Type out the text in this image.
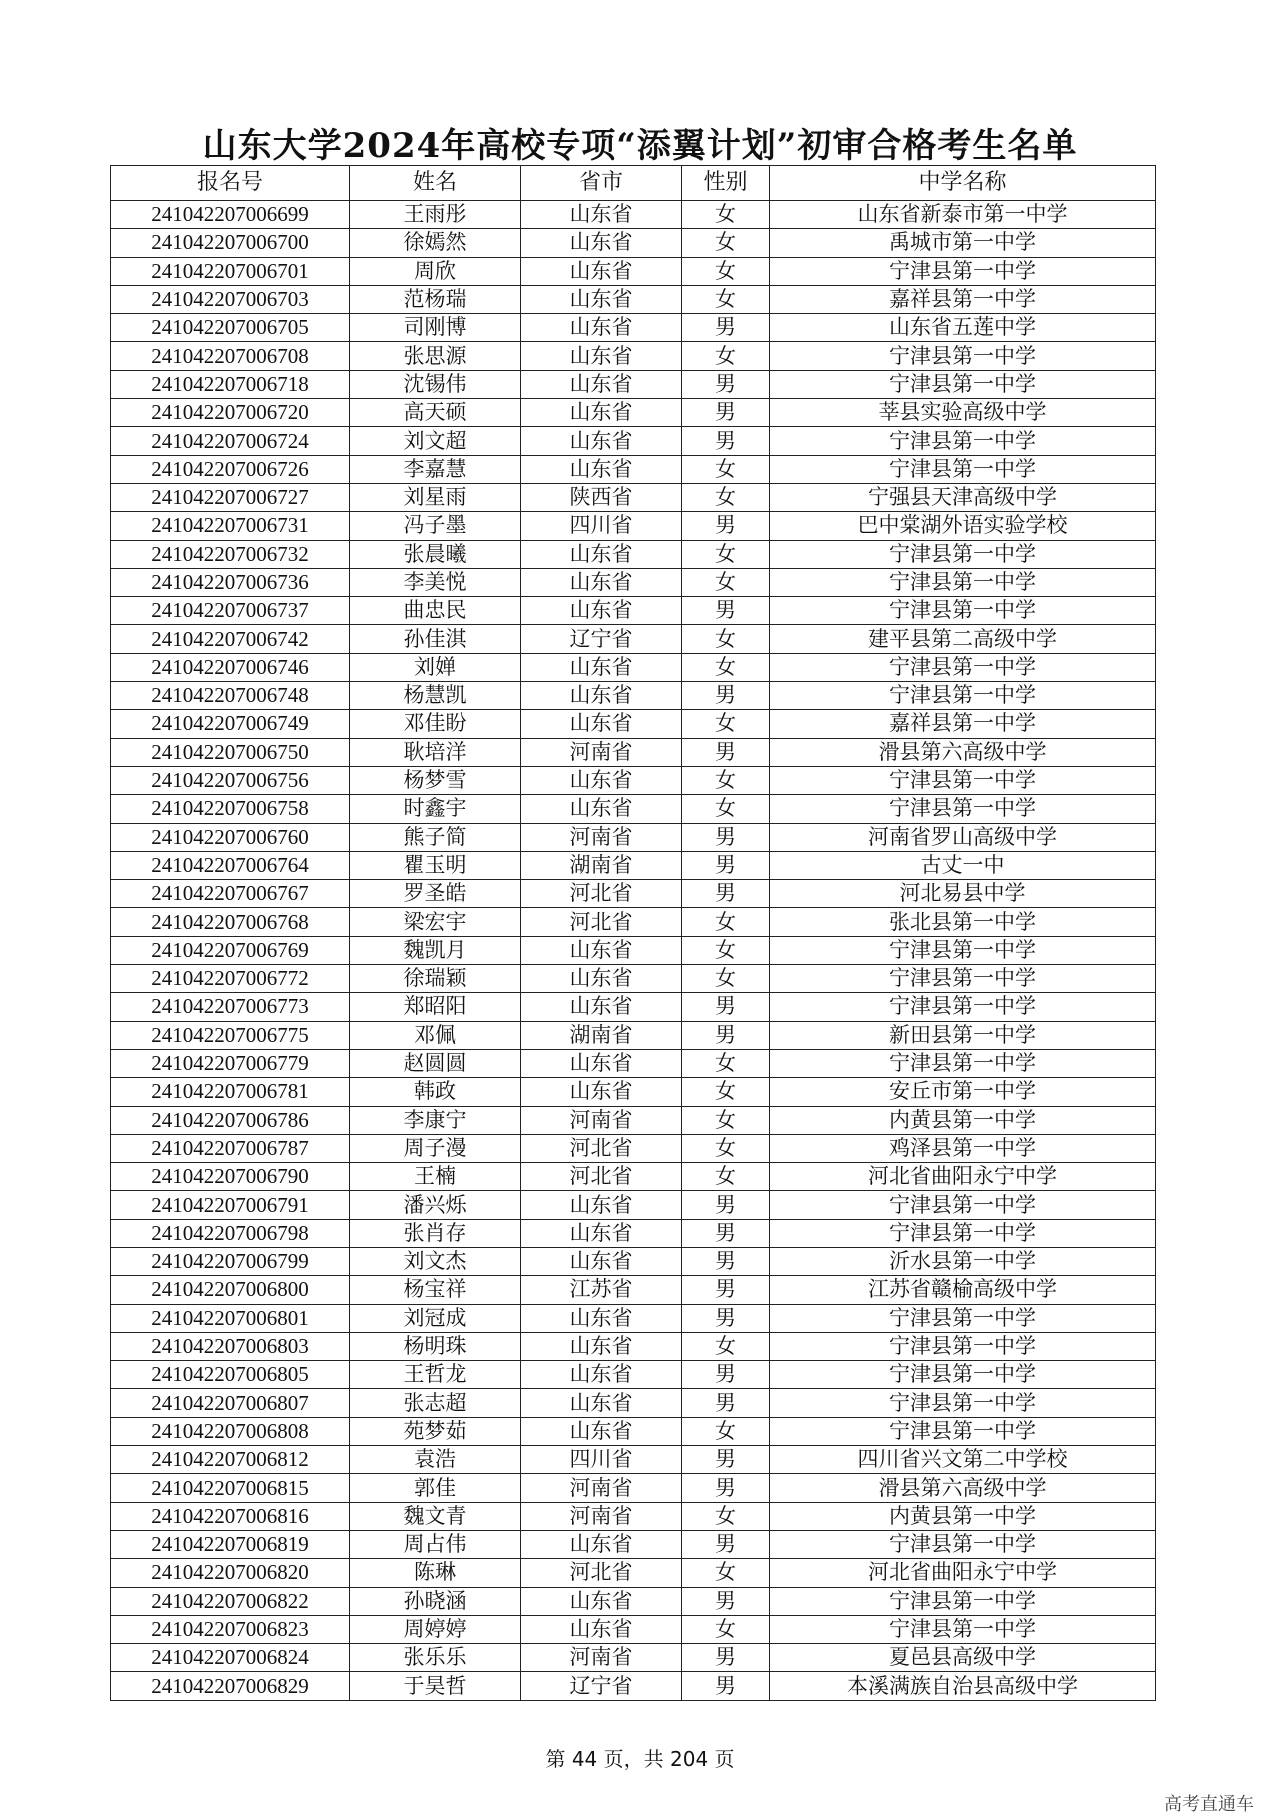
山东大学2024年高校专项“添翼计划”初审合格考生名单
报名号	姓名	省市	性别	中学名称
241042207006699	王雨彤	山东省	女	山东省新泰市第一中学
241042207006700	徐嫣然	山东省	女	禹城市第一中学
241042207006701	周欣	山东省	女	宁津县第一中学
241042207006703	范杨瑞	山东省	女	嘉祥县第一中学
241042207006705	司刚博	山东省	男	山东省五莲中学
241042207006708	张思源	山东省	女	宁津县第一中学
241042207006718	沈锡伟	山东省	男	宁津县第一中学
241042207006720	高天硕	山东省	男	莘县实验高级中学
241042207006724	刘文超	山东省	男	宁津县第一中学
241042207006726	李嘉慧	山东省	女	宁津县第一中学
241042207006727	刘星雨	陕西省	女	宁强县天津高级中学
241042207006731	冯子墨	四川省	男	巴中棠湖外语实验学校
241042207006732	张晨曦	山东省	女	宁津县第一中学
241042207006736	李美悦	山东省	女	宁津县第一中学
241042207006737	曲忠民	山东省	男	宁津县第一中学
241042207006742	孙佳淇	辽宁省	女	建平县第二高级中学
241042207006746	刘婵	山东省	女	宁津县第一中学
241042207006748	杨慧凯	山东省	男	宁津县第一中学
241042207006749	邓佳盼	山东省	女	嘉祥县第一中学
241042207006750	耿培洋	河南省	男	滑县第六高级中学
241042207006756	杨梦雪	山东省	女	宁津县第一中学
241042207006758	时鑫宇	山东省	女	宁津县第一中学
241042207006760	熊子简	河南省	男	河南省罗山高级中学
241042207006764	瞿玉明	湖南省	男	古丈一中
241042207006767	罗圣皓	河北省	男	河北易县中学
241042207006768	梁宏宇	河北省	女	张北县第一中学
241042207006769	魏凯月	山东省	女	宁津县第一中学
241042207006772	徐瑞颖	山东省	女	宁津县第一中学
241042207006773	郑昭阳	山东省	男	宁津县第一中学
241042207006775	邓佩	湖南省	男	新田县第一中学
241042207006779	赵圆圆	山东省	女	宁津县第一中学
241042207006781	韩政	山东省	女	安丘市第一中学
241042207006786	李康宁	河南省	女	内黄县第一中学
241042207006787	周子漫	河北省	女	鸡泽县第一中学
241042207006790	王楠	河北省	女	河北省曲阳永宁中学
241042207006791	潘兴烁	山东省	男	宁津县第一中学
241042207006798	张肖存	山东省	男	宁津县第一中学
241042207006799	刘文杰	山东省	男	沂水县第一中学
241042207006800	杨宝祥	江苏省	男	江苏省赣榆高级中学
241042207006801	刘冠成	山东省	男	宁津县第一中学
241042207006803	杨明珠	山东省	女	宁津县第一中学
241042207006805	王哲龙	山东省	男	宁津县第一中学
241042207006807	张志超	山东省	男	宁津县第一中学
241042207006808	苑梦茹	山东省	女	宁津县第一中学
241042207006812	袁浩	四川省	男	四川省兴文第二中学校
241042207006815	郭佳	河南省	男	滑县第六高级中学
241042207006816	魏文青	河南省	女	内黄县第一中学
241042207006819	周占伟	山东省	男	宁津县第一中学
241042207006820	陈琳	河北省	女	河北省曲阳永宁中学
241042207006822	孙晓涵	山东省	男	宁津县第一中学
241042207006823	周婷婷	山东省	女	宁津县第一中学
241042207006824	张乐乐	河南省	男	夏邑县高级中学
241042207006829	于昊哲	辽宁省	男	本溪满族自治县高级中学
第 44 页，共 204 页
高考直通车
